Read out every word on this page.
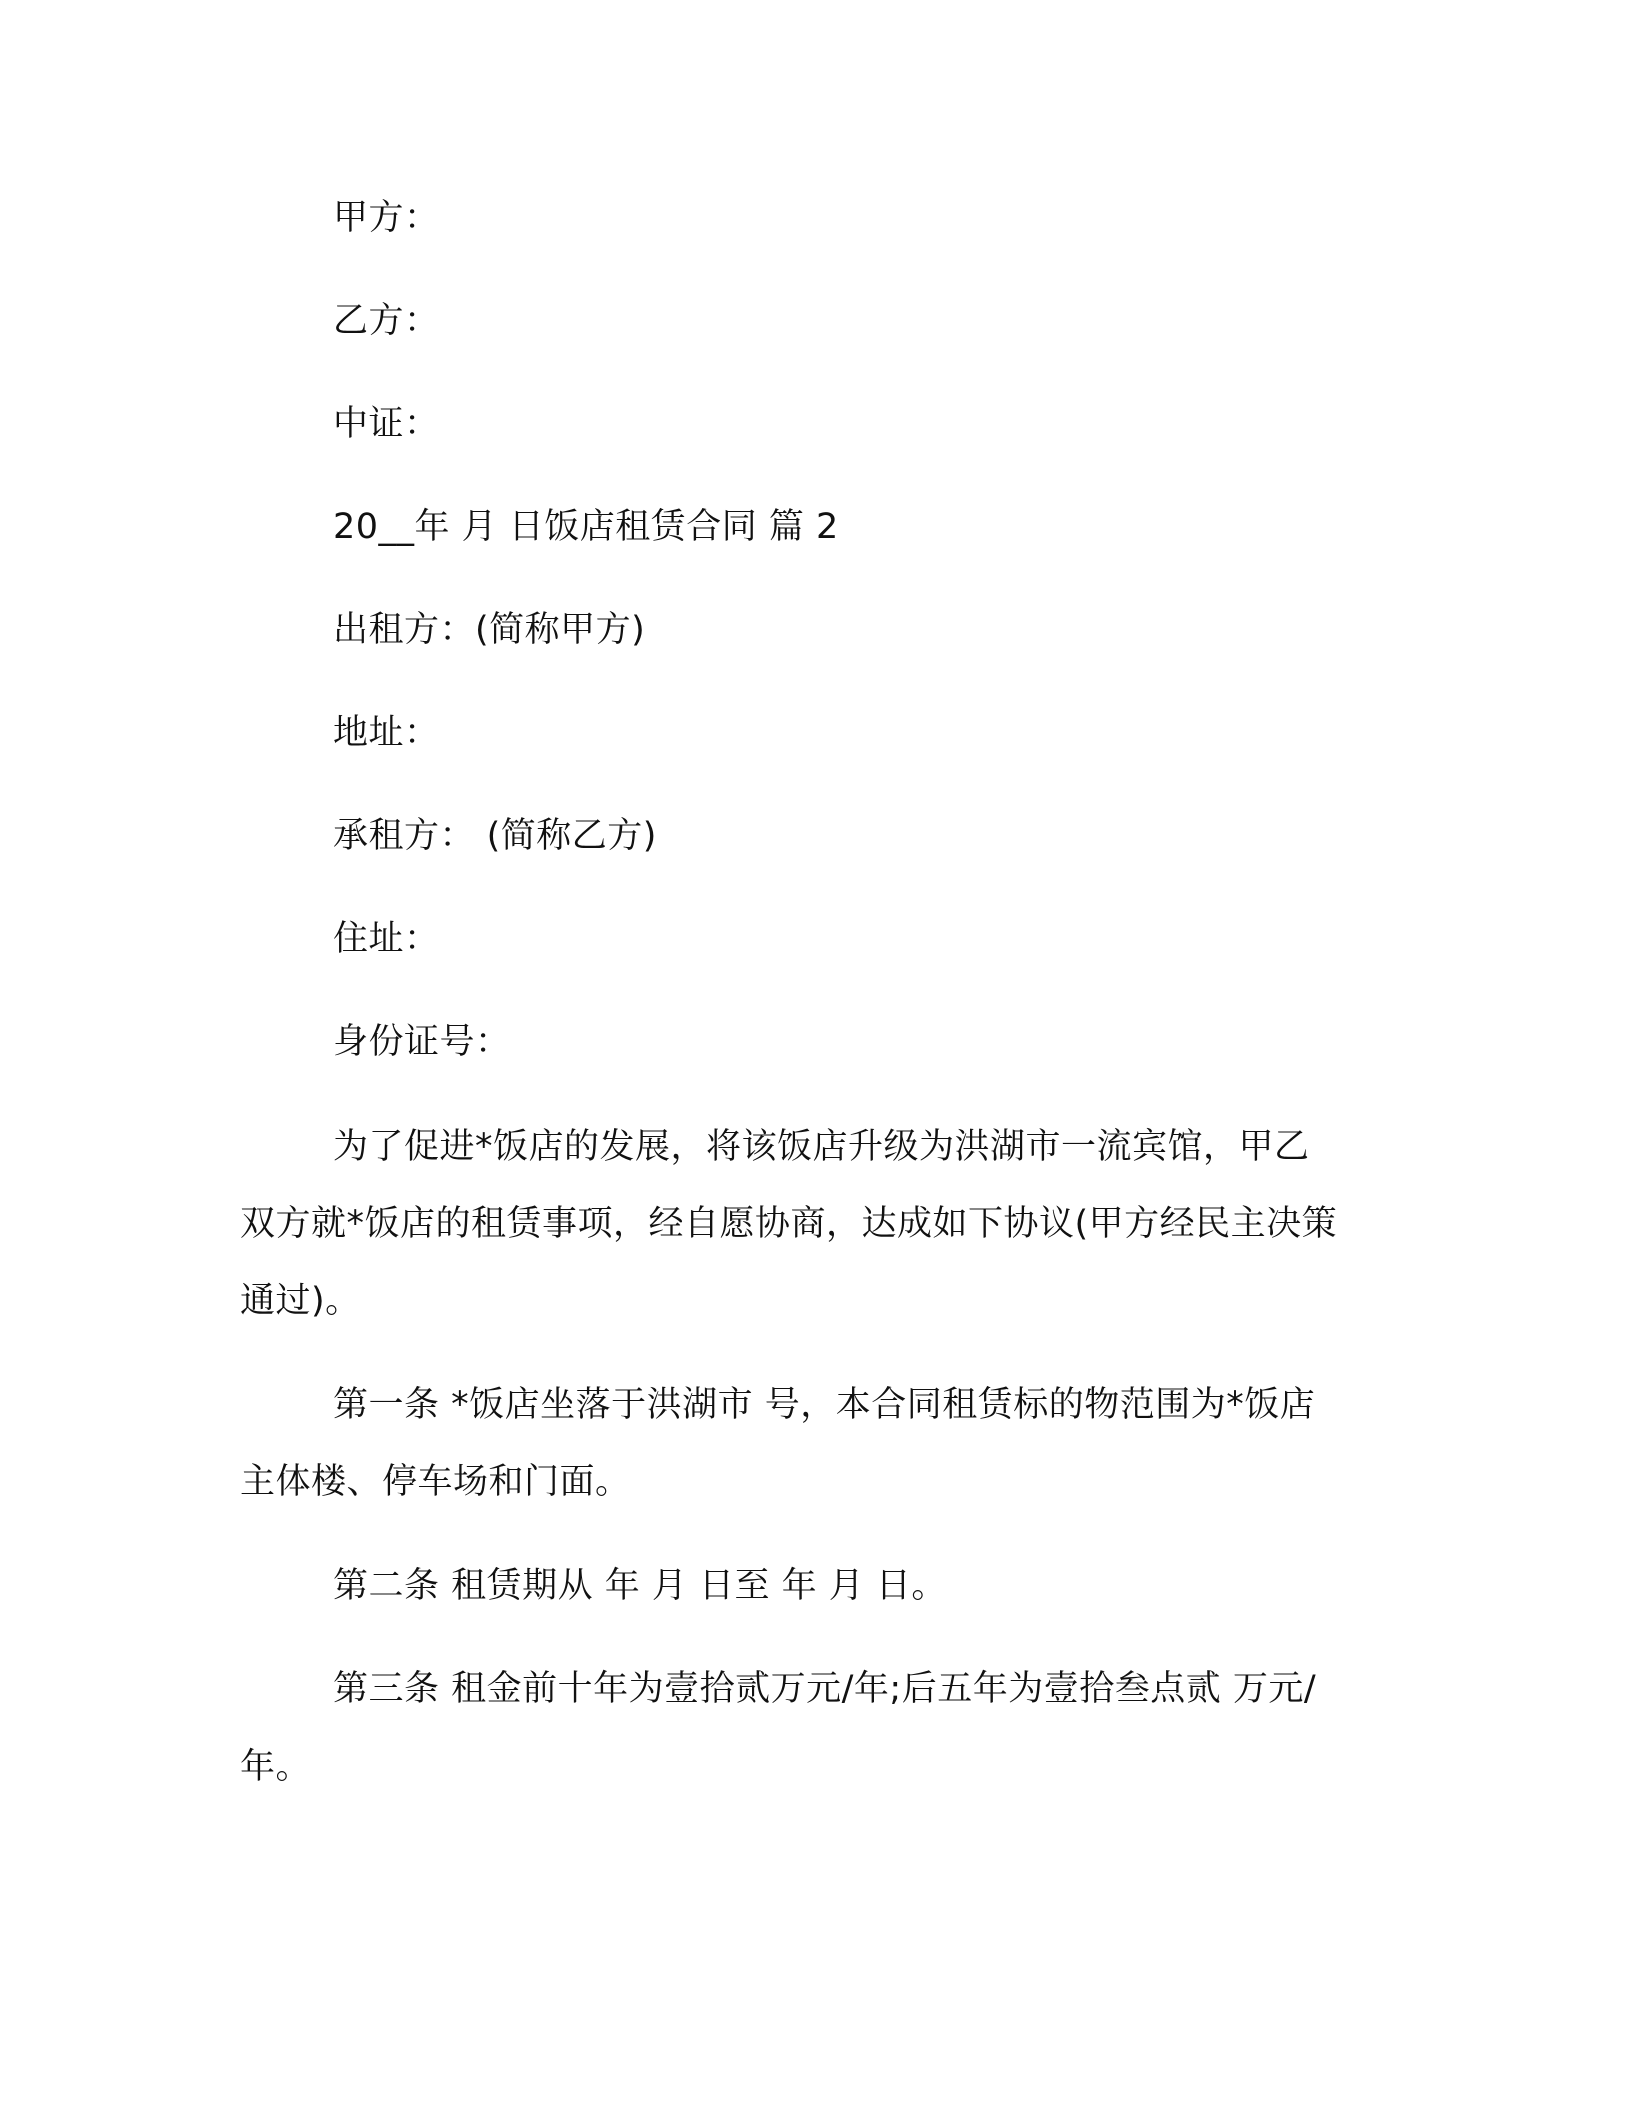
甲方：
乙方：
中证：
20__年 月 日饭店租赁合同 篇 2
出租方：(简称甲方)
地址：
承租方： (简称乙方)
住址：
身份证号：
为了促进*饭店的发展，将该饭店升级为洪湖市一流宾馆，甲乙
双方就*饭店的租赁事项，经自愿协商，达成如下协议(甲方经民主决策
通过)。
第一条 *饭店坐落于洪湖市 号，本合同租赁标的物范围为*饭店
主体楼、停车场和门面。
第二条 租赁期从 年 月 日至 年 月 日。
第三条 租金前十年为壹拾贰万元/年;后五年为壹拾叁点贰 万元/
年。
